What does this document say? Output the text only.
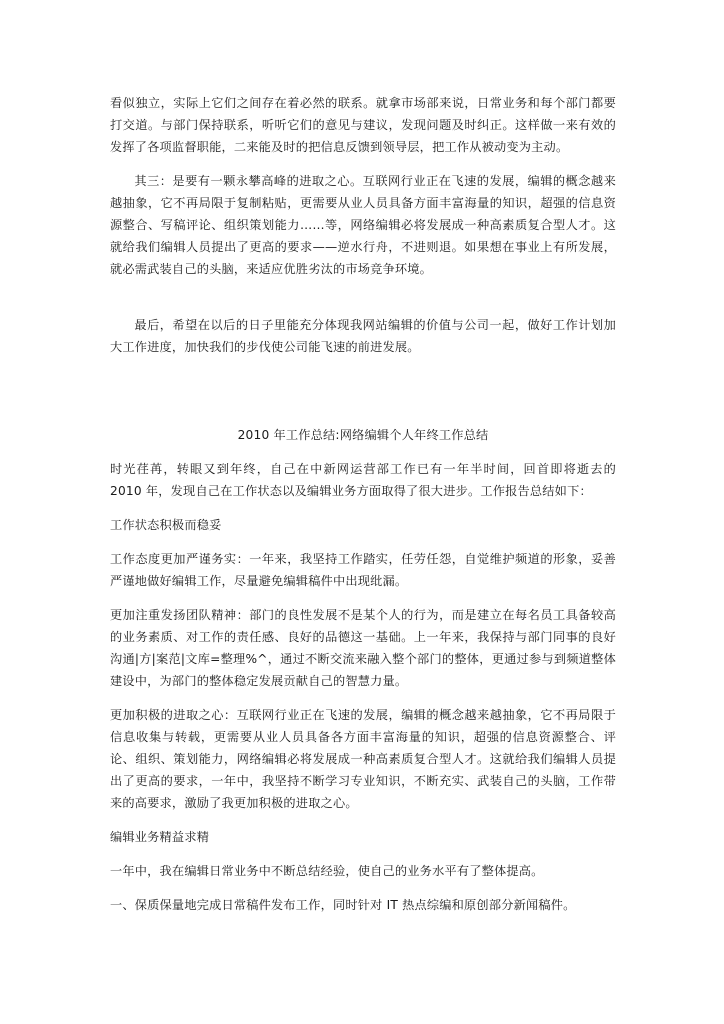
看似独立，实际上它们之间存在着必然的联系。就拿市场部来说，日常业务和每个部门都要打交道。与部门保持联系，听听它们的意见与建议，发现问题及时纠正。这样做一来有效的发挥了各项监督职能，二来能及时的把信息反馈到领导层，把工作从被动变为主动。

其三：是要有一颗永攀高峰的进取之心。互联网行业正在飞速的发展，编辑的概念越来越抽象，它不再局限于复制粘贴，更需要从业人员具备方面丰富海量的知识，超强的信息资源整合、写稿评论、组织策划能力……等，网络编辑必将发展成一种高素质复合型人才。这就给我们编辑人员提出了更高的要求——逆水行舟，不进则退。如果想在事业上有所发展，就必需武装自己的头脑，来适应优胜劣汰的市场竞争环境。

最后，希望在以后的日子里能充分体现我网站编辑的价值与公司一起，做好工作计划加大工作进度，加快我们的步伐使公司能飞速的前进发展。

2010 年工作总结:网络编辑个人年终工作总结

时光荏苒，转眼又到年终，自己在中新网运营部工作已有一年半时间，回首即将逝去的 2010 年，发现自己在工作状态以及编辑业务方面取得了很大进步。工作报告总结如下：

工作状态积极而稳妥

工作态度更加严谨务实：一年来，我坚持工作踏实，任劳任怨，自觉维护频道的形象，妥善严谨地做好编辑工作，尽量避免编辑稿件中出现纰漏。

更加注重发扬团队精神：部门的良性发展不是某个人的行为，而是建立在每名员工具备较高的业务素质、对工作的责任感、良好的品德这一基础。上一年来，我保持与部门同事的良好沟通|方|案范|文库=整理%^，通过不断交流来融入整个部门的整体，更通过参与到频道整体建设中，为部门的整体稳定发展贡献自己的智慧力量。

更加积极的进取之心：互联网行业正在飞速的发展，编辑的概念越来越抽象，它不再局限于信息收集与转载，更需要从业人员具备各方面丰富海量的知识，超强的信息资源整合、评论、组织、策划能力，网络编辑必将发展成一种高素质复合型人才。这就给我们编辑人员提出了更高的要求，一年中，我坚持不断学习专业知识，不断充实、武装自己的头脑，工作带来的高要求，激励了我更加积极的进取之心。

编辑业务精益求精

一年中，我在编辑日常业务中不断总结经验，使自己的业务水平有了整体提高。

一、保质保量地完成日常稿件发布工作，同时针对 IT 热点综编和原创部分新闻稿件。
